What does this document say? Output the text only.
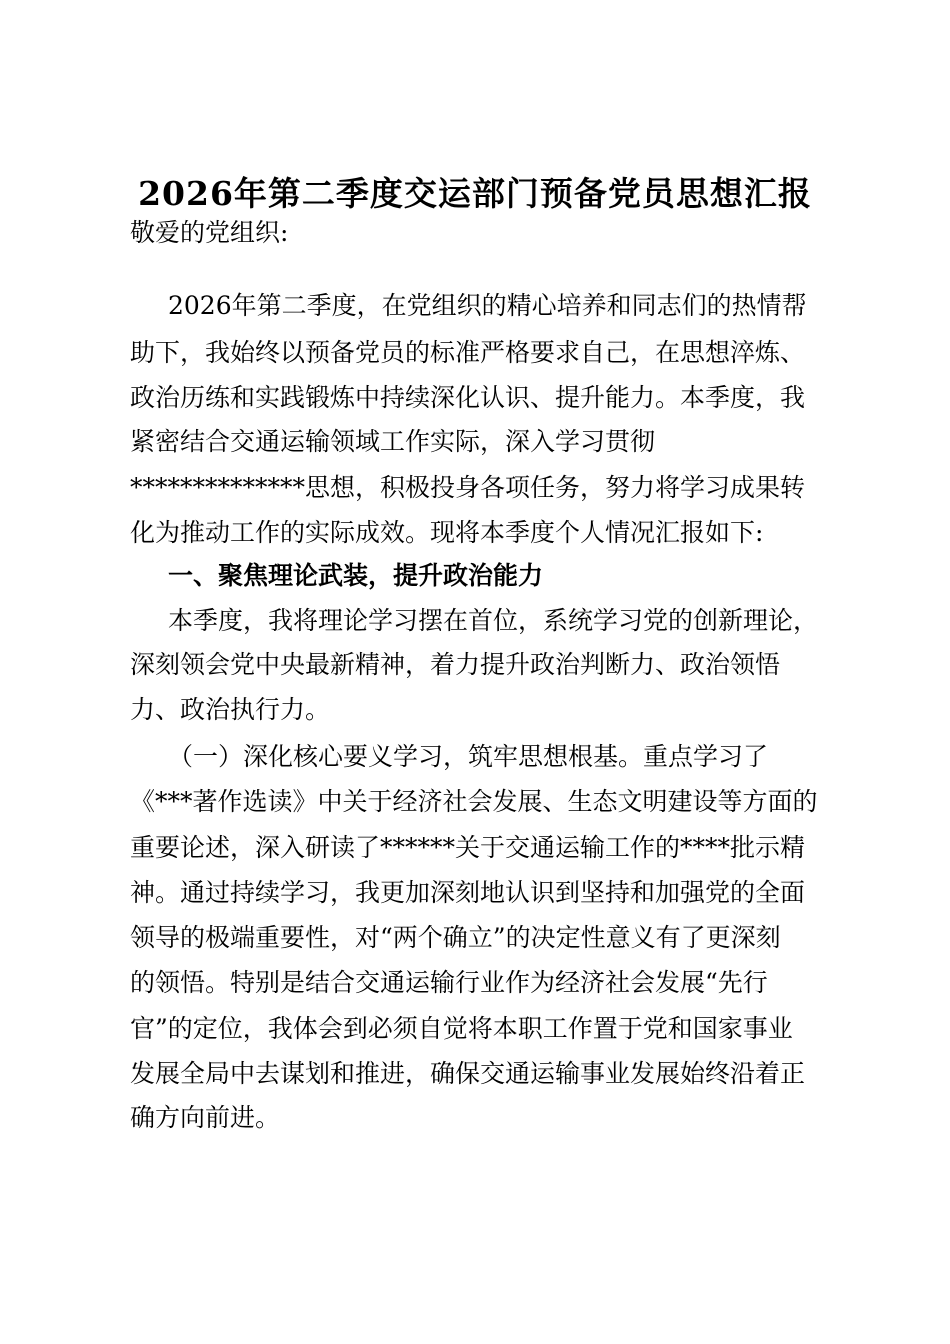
2026年第二季度交运部门预备党员思想汇报
敬爱的党组织:
2026年第二季度，在党组织的精心培养和同志们的热情帮
助下，我始终以预备党员的标准严格要求自己，在思想淬炼、
政治历练和实践锻炼中持续深化认识、提升能力。本季度，我
紧密结合交通运输领域工作实际，深入学习贯彻
**************思想，积极投身各项任务，努力将学习成果转
化为推动工作的实际成效。现将本季度个人情况汇报如下:
一、聚焦理论武装，提升政治能力
本季度，我将理论学习摆在首位，系统学习党的创新理论，
深刻领会党中央最新精神，着力提升政治判断力、政治领悟
力、政治执行力。
（一）深化核心要义学习，筑牢思想根基。重点学习了
《***著作选读》中关于经济社会发展、生态文明建设等方面的
重要论述，深入研读了******关于交通运输工作的****批示精
神。通过持续学习，我更加深刻地认识到坚持和加强党的全面
领导的极端重要性，对“两个确立”的决定性意义有了更深刻
的领悟。特别是结合交通运输行业作为经济社会发展“先行
官”的定位，我体会到必须自觉将本职工作置于党和国家事业
发展全局中去谋划和推进，确保交通运输事业发展始终沿着正
确方向前进。
